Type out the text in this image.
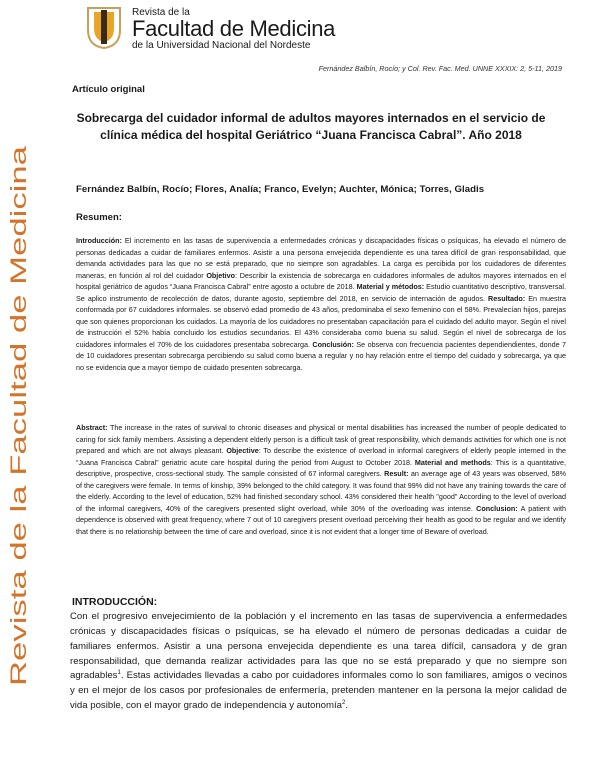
Revista de la
Facultad de Medicina
de la Universidad Nacional del Nordeste
Fernández Balbín, Rocío; y Col. Rev. Fac. Med. UNNE XXXIX: 2, 5-11, 2019
Artículo original
Sobrecarga del cuidador informal de adultos mayores internados en el servicio de clínica médica del hospital Geriátrico “Juana Francisca Cabral”. Año 2018
Fernández Balbín, Rocío; Flores, Analía; Franco, Evelyn; Auchter, Mónica; Torres, Gladis
Resumen:
Introducción: El incremento en las tasas de supervivencia a enfermedades crónicas y discapacidades físicas o psíquicas, ha elevado el número de personas dedicadas a cuidar de familiares enfermos. Asistir a una persona envejecida dependiente es una tarea difícil de gran responsabilidad, que demanda actividades para las que no se está preparado, que no siempre son agradables. La carga es percibida por los cuidadores de diferentes maneras, en función al rol del cuidador Objetivo: Describir la existencia de sobrecarga en cuidadores informales de adultos mayores internados en el hospital geriátrico de agudos “Juana Francisca Cabral” entre agosto a octubre de 2018. Material y métodos: Estudio cuantitativo descriptivo, transversal. Se aplico instrumento de recolección de datos, durante agosto, septiembre del 2018, en servicio de internación de agudos. Resultado: En muestra conformada por 67 cuidadores informales. se observó edad promedio de 43 años, predominaba el sexo femenino con el 58%. Prevalecían hijos, parejas que son quienes proporcionan los cuidados. La mayoría de los cuidadores no presentaban capacitación para el cuidado del adulto mayor. Según el nivel de instrucción el 52% había concluido los estudios secundarios. El 43% consideraba como buena su salud. Según el nivel de sobrecarga de los cuidadores informales el 70% de los cuidadores presentaba sobrecarga. Conclusión: Se observa con frecuencia pacientes dependiendientes, donde 7 de 10 cuidadores presentan sobrecarga percibiendo su salud como buena a regular y no hay relación entre el tiempo del cuidado y sobrecarga, ya que no se evidencia que a mayor tiempo de cuidado presenten sobrecarga.
Abstract: The increase in the rates of survival to chronic diseases and physical or mental disabilities has increased the number of people dedicated to caring for sick family members. Assisting a dependent elderly person is a difficult task of great responsibility, which demands activities for which one is not prepared and which are not always pleasant. Objective: To describe the existence of overload in informal caregivers of elderly people interned in the “Juana Francisca Cabral” geriatric acute care hospital during the period from August to October 2018. Material and methods: This is a quantitative, descriptive, prospective, cross-sectional study. The sample consisted of 67 informal caregivers. Result: an average age of 43 years was observed, 58% of the caregivers were female. In terms of kinship, 39% belonged to the child category. It was found that 99% did not have any training towards the care of the elderly. According to the level of education, 52% had finished secondary school. 43% considered their health "good" According to the level of overload of the informal caregivers, 40% of the caregivers presented slight overload, while 30% of the overloading was intense. Conclusion: A patient with dependence is observed with great frequency, where 7 out of 10 caregivers present overload perceiving their health as good to be regular and we identify that there is no relationship between the time of care and overload, since it is not evident that a longer time of Beware of overload.
INTRODUCCIÓN:
Con el progresivo envejecimiento de la población y el incremento en las tasas de supervivencia a enfermedades crónicas y discapacidades físicas o psíquicas, se ha elevado el número de personas dedicadas a cuidar de familiares enfermos. Asistir a una persona envejecida dependiente es una tarea difícil, cansadora y de gran responsabilidad, que demanda realizar actividades para las que no se está preparado y que no siempre son agradables$^1$. Estas actividades llevadas a cabo por cuidadores informales como lo son familiares, amigos o vecinos y en el mejor de los casos por profesionales de enfermería, pretenden mantener en la persona la mejor calidad de vida posible, con el mayor grado de independencia y autonomía$^2$.
Revista de la Facultad de Medicina
